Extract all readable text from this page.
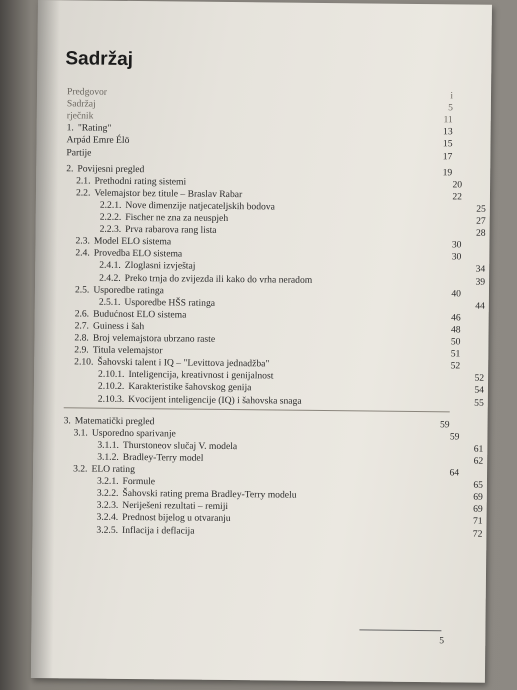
Sadržaj
Predgovor	i
Sadržaj	5
rječnik	11
1. "Rating"	13
Arpád Emre Élö	15
Partije	17
2. Povijesni pregled	19
2.1. Prethodni rating sistemi	20
2.2. Velemajstor bez titule – Braslav Rabar	22
2.2.1. Nove dimenzije natjecateljskih bodova	25
2.2.2. Fischer ne zna za neuspjeh	27
2.2.3. Prva rabarova rang lista	28
2.3. Model ELO sistema	30
2.4. Provedba ELO sistema	30
2.4.1. Zloglasni izvještaj	34
2.4.2. Preko trnja do zvijezda ili kako do vrha neradom	39
2.5. Usporedbe ratinga	40
2.5.1. Usporedbe HŠS ratinga	44
2.6. Budućnost ELO sistema	46
2.7. Guiness i šah	48
2.8. Broj velemajstora ubrzano raste	50
2.9. Titula velemajstor	51
2.10. Šahovski talent i IQ – "Levittova jednadžba"	52
2.10.1. Inteligencija, kreativnost i genijalnost	52
2.10.2. Karakteristike šahovskog genija	54
2.10.3. Kvocijent inteligencije (IQ) i šahovska snaga	55
3. Matematički pregled	59
3.1. Usporedno sparivanje	59
3.1.1. Thurstoneov slučaj V. modela	61
3.1.2. Bradley-Terry model	62
3.2. ELO rating	64
3.2.1. Formule	65
3.2.2. Šahovski rating prema Bradley-Terry modelu	69
3.2.3. Neriješeni rezultati – remiji	69
3.2.4. Prednost bijelog u otvaranju	71
3.2.5. Inflacija i deflacija	72
5
